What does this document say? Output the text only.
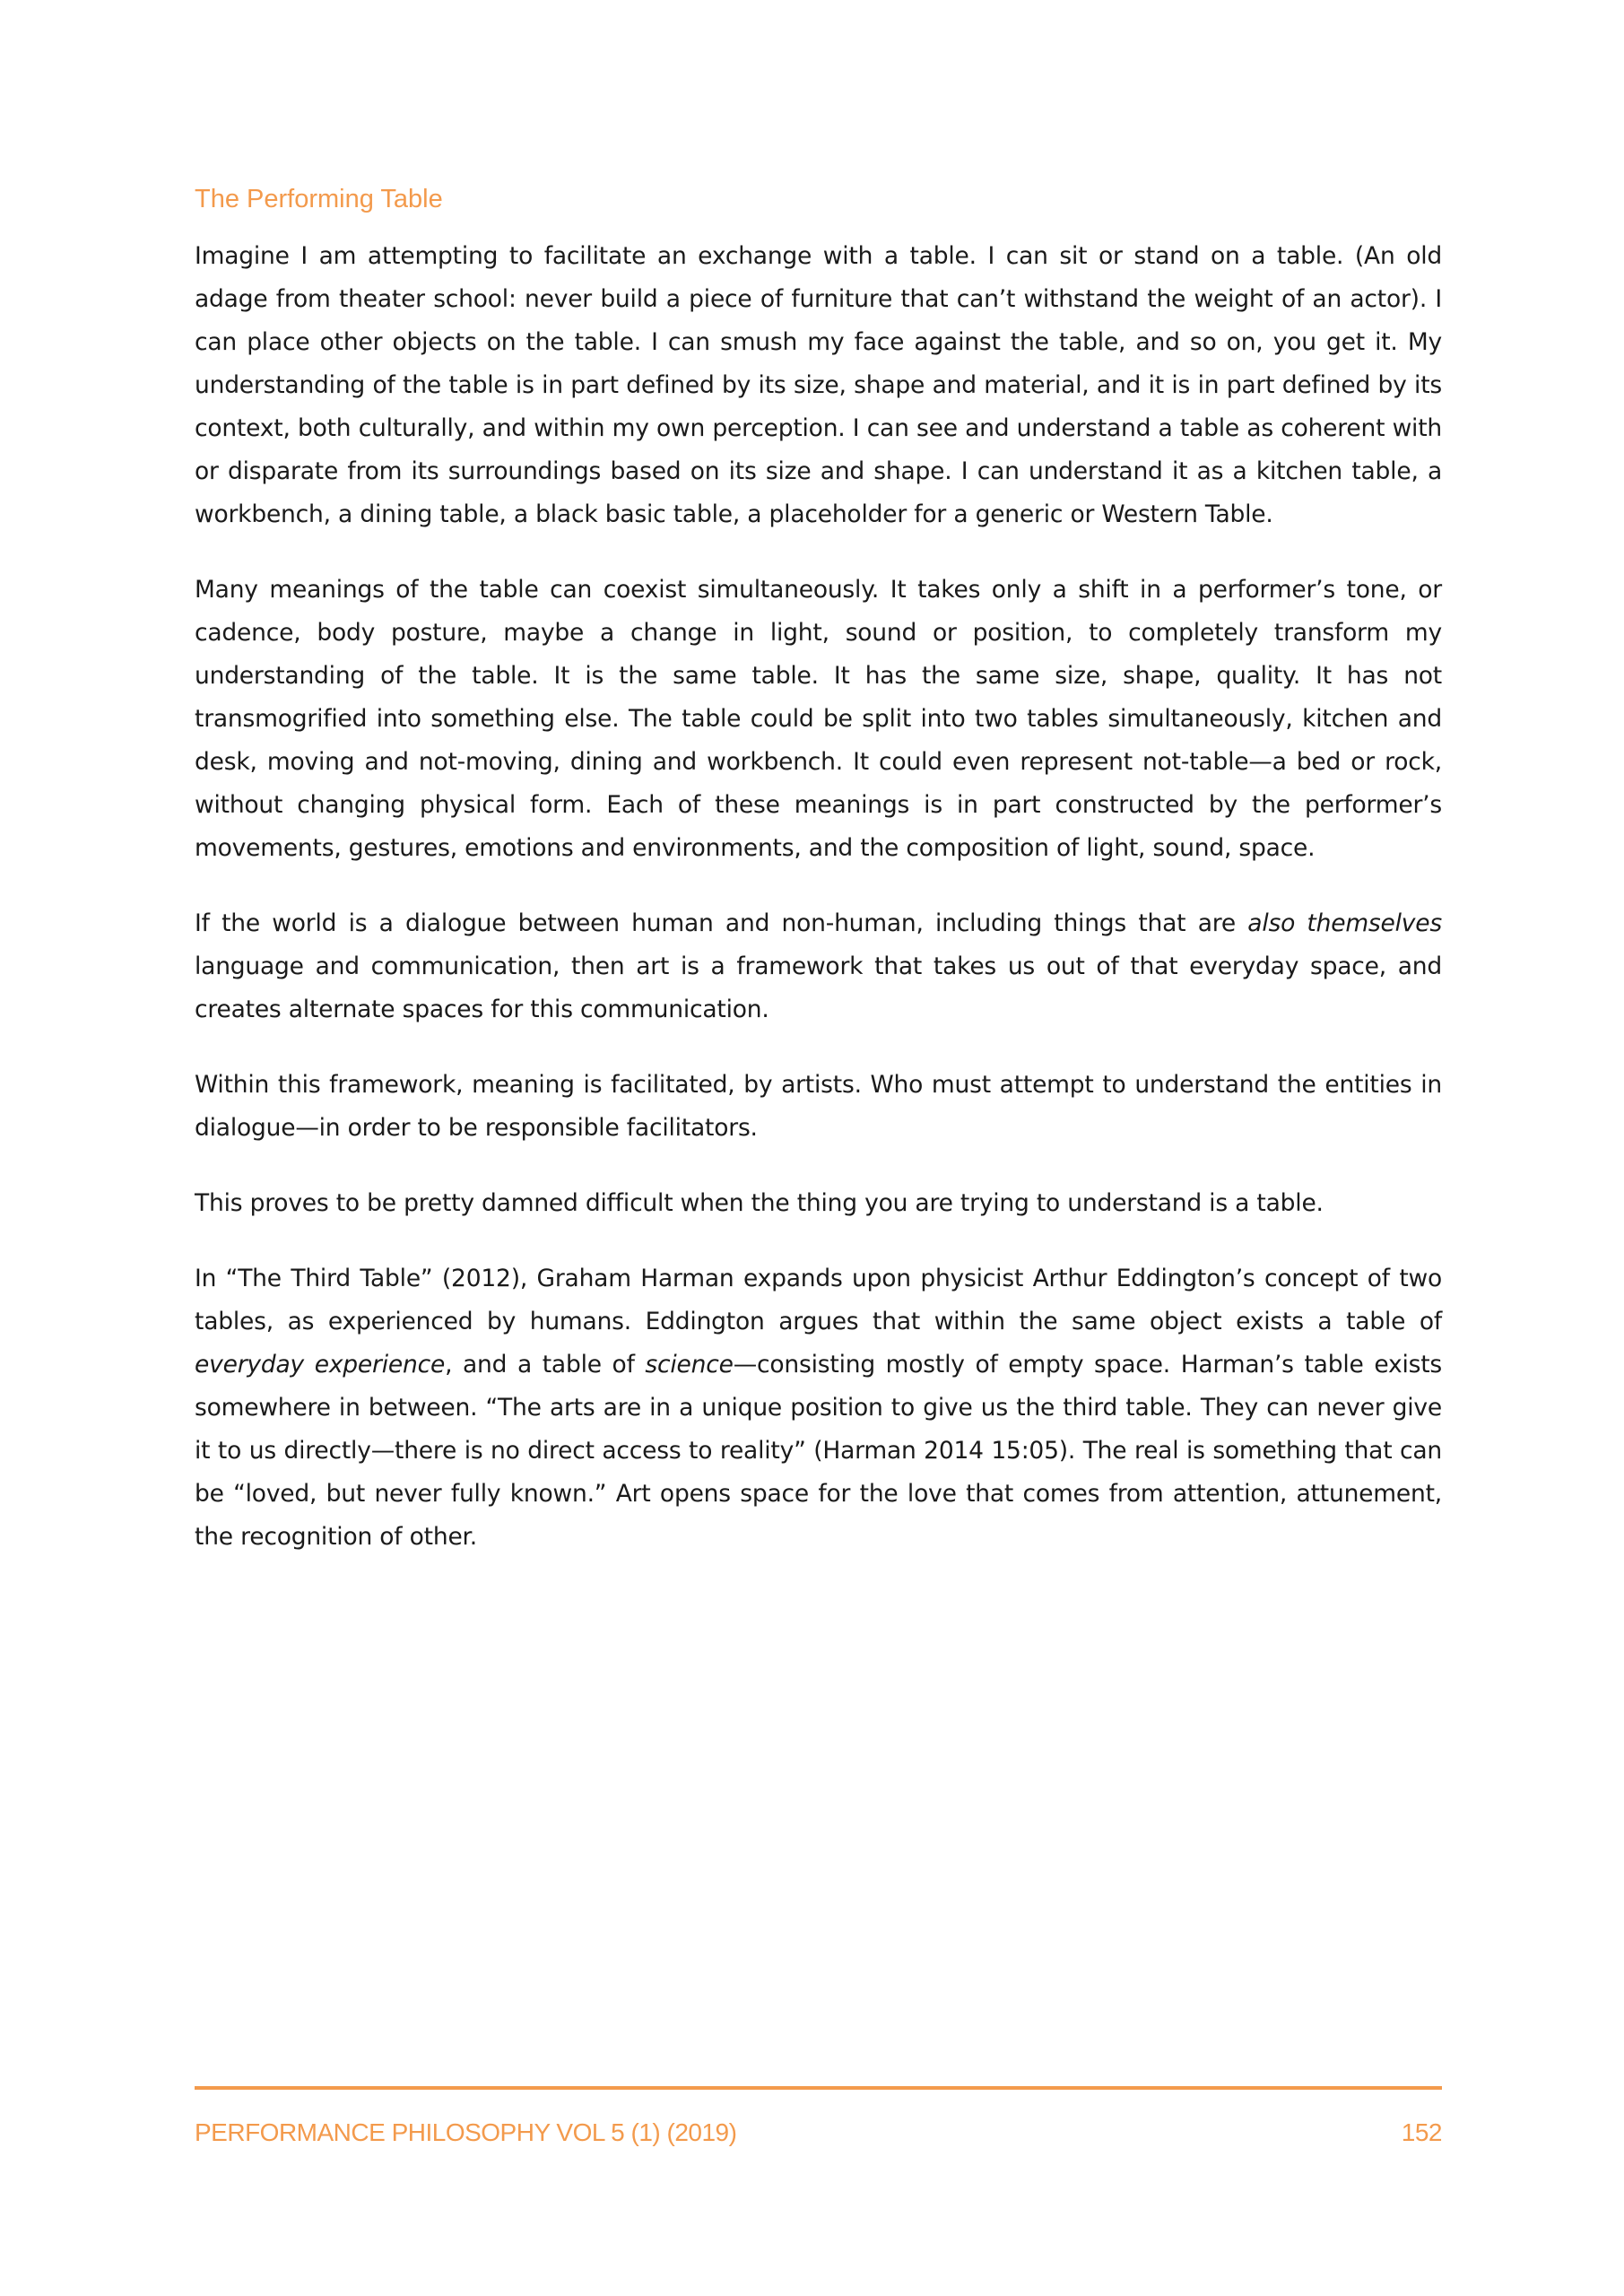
The Performing Table

Imagine I am attempting to facilitate an exchange with a table. I can sit or stand on a table. (An old adage from theater school: never build a piece of furniture that can’t withstand the weight of an actor). I can place other objects on the table. I can smush my face against the table, and so on, you get it. My understanding of the table is in part defined by its size, shape and material, and it is in part defined by its context, both culturally, and within my own perception. I can see and understand a table as coherent with or disparate from its surroundings based on its size and shape. I can understand it as a kitchen table, a workbench, a dining table, a black basic table, a placeholder for a generic or Western Table.

Many meanings of the table can coexist simultaneously. It takes only a shift in a performer’s tone, or cadence, body posture, maybe a change in light, sound or position, to completely transform my understanding of the table. It is the same table. It has the same size, shape, quality. It has not transmogrified into something else. The table could be split into two tables simultaneously, kitchen and desk, moving and not-moving, dining and workbench. It could even represent not-table—a bed or rock, without changing physical form. Each of these meanings is in part constructed by the performer’s movements, gestures, emotions and environments, and the composition of light, sound, space.

If the world is a dialogue between human and non-human, including things that are also themselves language and communication, then art is a framework that takes us out of that everyday space, and creates alternate spaces for this communication.

Within this framework, meaning is facilitated, by artists. Who must attempt to understand the entities in dialogue—in order to be responsible facilitators.

This proves to be pretty damned difficult when the thing you are trying to understand is a table.

In “The Third Table” (2012), Graham Harman expands upon physicist Arthur Eddington’s concept of two tables, as experienced by humans. Eddington argues that within the same object exists a table of everyday experience, and a table of science—consisting mostly of empty space. Harman’s table exists somewhere in between. “The arts are in a unique position to give us the third table. They can never give it to us directly—there is no direct access to reality” (Harman 2014 15:05). The real is something that can be “loved, but never fully known.” Art opens space for the love that comes from attention, attunement, the recognition of other.

PERFORMANCE PHILOSOPHY VOL 5 (1) (2019)	152
